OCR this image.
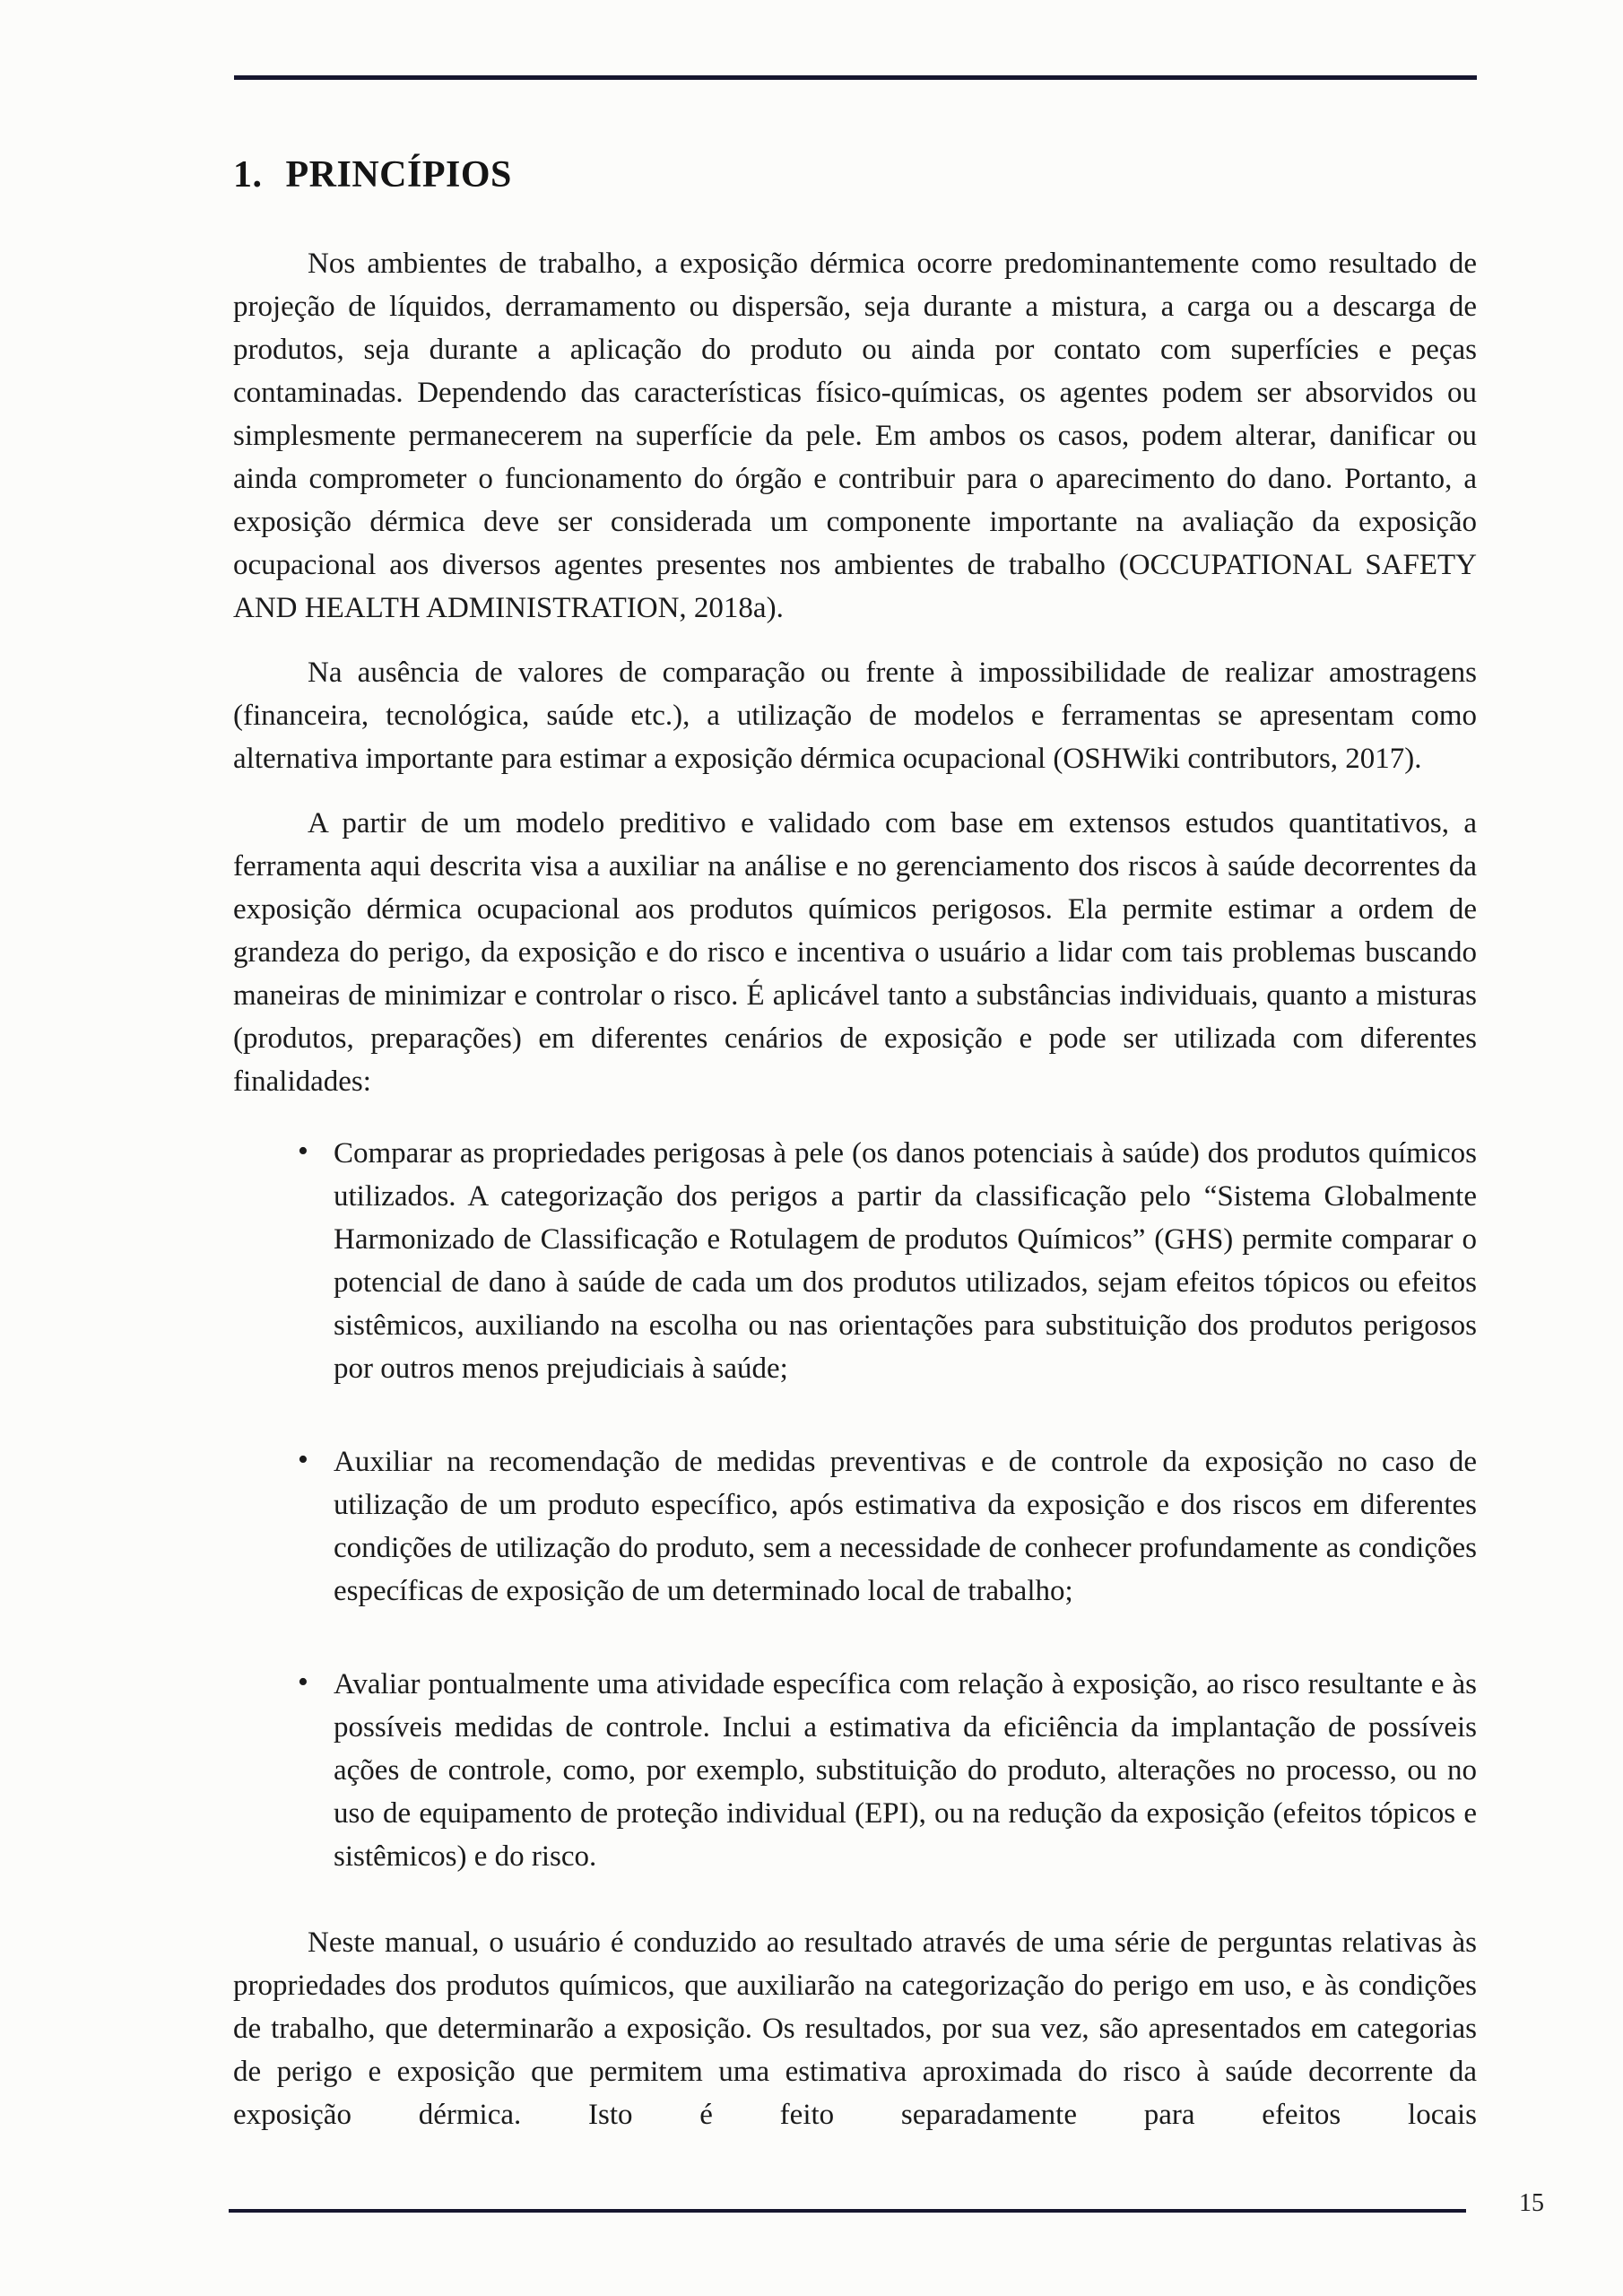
1. PRINCÍPIOS

Nos ambientes de trabalho, a exposição dérmica ocorre predominantemente como resultado de projeção de líquidos, derramamento ou dispersão, seja durante a mistura, a carga ou a descarga de produtos, seja durante a aplicação do produto ou ainda por contato com superfícies e peças contaminadas. Dependendo das características físico-químicas, os agentes podem ser absorvidos ou simplesmente permanecerem na superfície da pele. Em ambos os casos, podem alterar, danificar ou ainda comprometer o funcionamento do órgão e contribuir para o aparecimento do dano. Portanto, a exposição dérmica deve ser considerada um componente importante na avaliação da exposição ocupacional aos diversos agentes presentes nos ambientes de trabalho (OCCUPATIONAL SAFETY AND HEALTH ADMINISTRATION, 2018a).

Na ausência de valores de comparação ou frente à impossibilidade de realizar amostragens (financeira, tecnológica, saúde etc.), a utilização de modelos e ferramentas se apresentam como alternativa importante para estimar a exposição dérmica ocupacional (OSHWiki contributors, 2017).

A partir de um modelo preditivo e validado com base em extensos estudos quantitativos, a ferramenta aqui descrita visa a auxiliar na análise e no gerenciamento dos riscos à saúde decorrentes da exposição dérmica ocupacional aos produtos químicos perigosos. Ela permite estimar a ordem de grandeza do perigo, da exposição e do risco e incentiva o usuário a lidar com tais problemas buscando maneiras de minimizar e controlar o risco. É aplicável tanto a substâncias individuais, quanto a misturas (produtos, preparações) em diferentes cenários de exposição e pode ser utilizada com diferentes finalidades:

• Comparar as propriedades perigosas à pele (os danos potenciais à saúde) dos produtos químicos utilizados. A categorização dos perigos a partir da classificação pelo “Sistema Globalmente Harmonizado de Classificação e Rotulagem de produtos Químicos” (GHS) permite comparar o potencial de dano à saúde de cada um dos produtos utilizados, sejam efeitos tópicos ou efeitos sistêmicos, auxiliando na escolha ou nas orientações para substituição dos produtos perigosos por outros menos prejudiciais à saúde;
• Auxiliar na recomendação de medidas preventivas e de controle da exposição no caso de utilização de um produto específico, após estimativa da exposição e dos riscos em diferentes condições de utilização do produto, sem a necessidade de conhecer profundamente as condições específicas de exposição de um determinado local de trabalho;
• Avaliar pontualmente uma atividade específica com relação à exposição, ao risco resultante e às possíveis medidas de controle. Inclui a estimativa da eficiência da implantação de possíveis ações de controle, como, por exemplo, substituição do produto, alterações no processo, ou no uso de equipamento de proteção individual (EPI), ou na redução da exposição (efeitos tópicos e sistêmicos) e do risco.

Neste manual, o usuário é conduzido ao resultado através de uma série de perguntas relativas às propriedades dos produtos químicos, que auxiliarão na categorização do perigo em uso, e às condições de trabalho, que determinarão a exposição. Os resultados, por sua vez, são apresentados em categorias de perigo e exposição que permitem uma estimativa aproximada do risco à saúde decorrente da exposição dérmica. Isto é feito separadamente para efeitos locais

15
